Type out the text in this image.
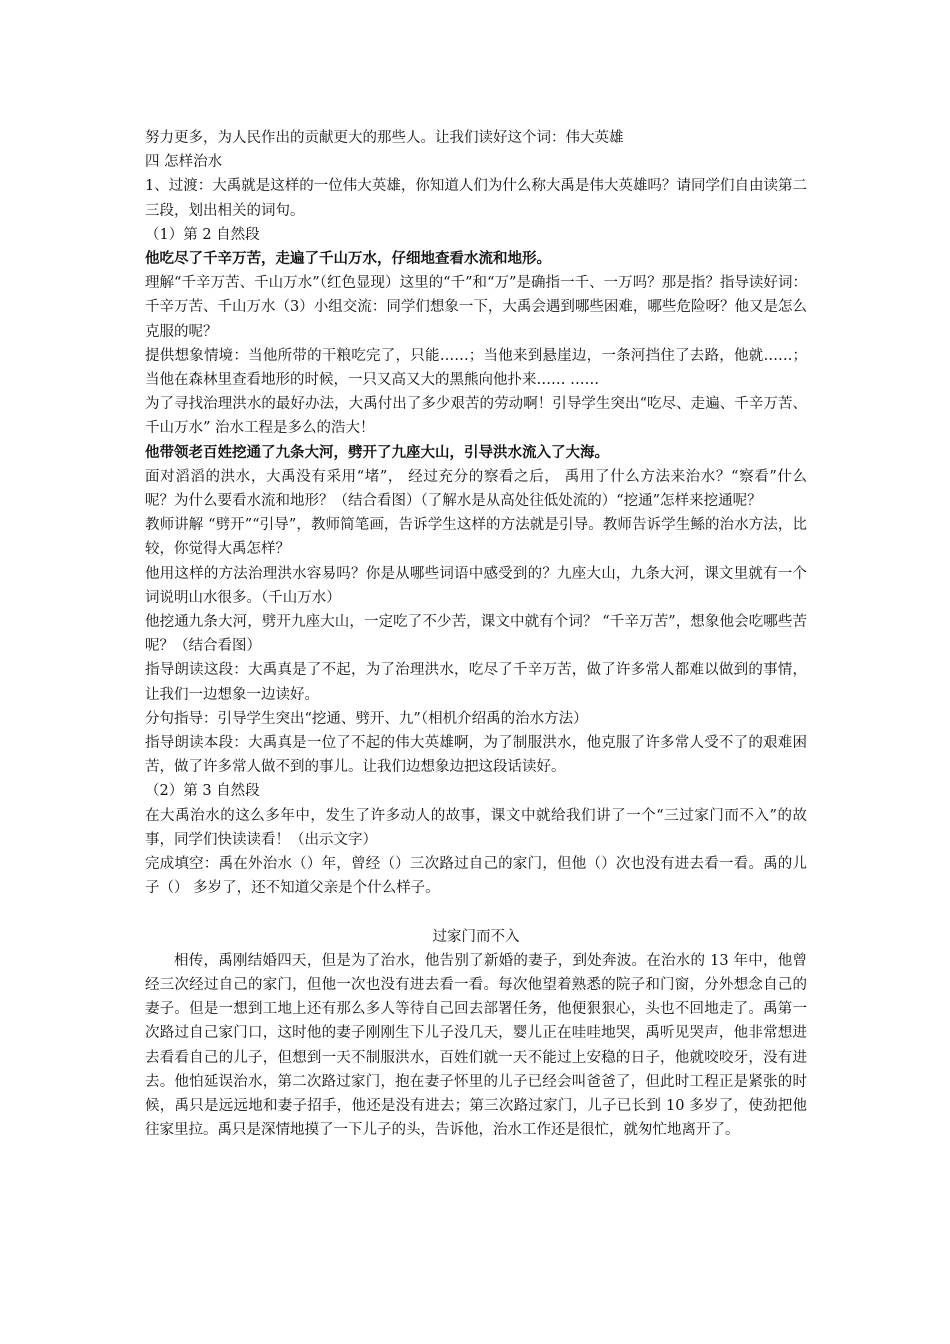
努力更多，为人民作出的贡献更大的那些人。让我们读好这个词：伟大英雄

四 怎样治水

1、过渡：大禹就是这样的一位伟大英雄，你知道人们为什么称大禹是伟大英雄吗？请同学们自由读第二三段，划出相关的词句。

（1）第 2 自然段

他吃尽了千辛万苦，走遍了千山万水，仔细地查看水流和地形。

理解“千辛万苦、千山万水”（红色显现）这里的“千”和“万”是确指一千、一万吗？那是指？指导读好词：千辛万苦、千山万水（3）小组交流：同学们想象一下，大禹会遇到哪些困难，哪些危险呀？他又是怎么克服的呢？

提供想象情境：当他所带的干粮吃完了，只能……；当他来到悬崖边，一条河挡住了去路，他就……； 当他在森林里查看地形的时候，一只又高又大的黑熊向他扑来…… ……

为了寻找治理洪水的最好办法，大禹付出了多少艰苦的劳动啊！引导学生突出“吃尽、走遍、千辛万苦、千山万水” 治水工程是多么的浩大！

他带领老百姓挖通了九条大河，劈开了九座大山，引导洪水流入了大海。

面对滔滔的洪水，大禹没有采用“堵”， 经过充分的察看之后， 禹用了什么方法来治水？“察看”什么呢？为什么要看水流和地形？（结合看图）（了解水是从高处往低处流的）“挖通”怎样来挖通呢？

教师讲解 “劈开”“引导”，教师简笔画，告诉学生这样的方法就是引导。教师告诉学生鲧的治水方法，比较，你觉得大禹怎样？

他用这样的方法治理洪水容易吗？你是从哪些词语中感受到的？九座大山，九条大河，课文里就有一个词说明山水很多。（千山万水）

他挖通九条大河，劈开九座大山，一定吃了不少苦，课文中就有个词？ “千辛万苦”，想象他会吃哪些苦呢？（结合看图）

指导朗读这段：大禹真是了不起，为了治理洪水，吃尽了千辛万苦，做了许多常人都难以做到的事情，让我们一边想象一边读好。

分句指导：引导学生突出“挖通、劈开、九”（相机介绍禹的治水方法）

指导朗读本段：大禹真是一位了不起的伟大英雄啊，为了制服洪水，他克服了许多常人受不了的艰难困苦，做了许多常人做不到的事儿。让我们边想象边把这段话读好。

（2）第 3 自然段

在大禹治水的这么多年中，发生了许多动人的故事，课文中就给我们讲了一个“三过家门而不入”的故事，同学们快读读看！（出示文字）

完成填空：禹在外治水（）年，曾经（）三次路过自己的家门，但他（）次也没有进去看一看。禹的儿子（） 多岁了，还不知道父亲是个什么样子。

过家门而不入

相传，禹刚结婚四天，但是为了治水，他告别了新婚的妻子，到处奔波。在治水的 13 年中，他曾经三次经过自己的家门，但他一次也没有进去看一看。每次他望着熟悉的院子和门窗，分外想念自己的妻子。但是一想到工地上还有那么多人等待自己回去部署任务，他便狠狠心，头也不回地走了。禹第一次路过自己家门口，这时他的妻子刚刚生下儿子没几天，婴儿正在哇哇地哭，禹听见哭声，他非常想进去看看自己的儿子，但想到一天不制服洪水，百姓们就一天不能过上安稳的日子，他就咬咬牙，没有进去。他怕延误治水，第二次路过家门，抱在妻子怀里的儿子已经会叫爸爸了，但此时工程正是紧张的时候，禹只是远远地和妻子招手，他还是没有进去；第三次路过家门，儿子已长到 10 多岁了，使劲把他往家里拉。禹只是深情地摸了一下儿子的头，告诉他，治水工作还是很忙，就匆忙地离开了。
